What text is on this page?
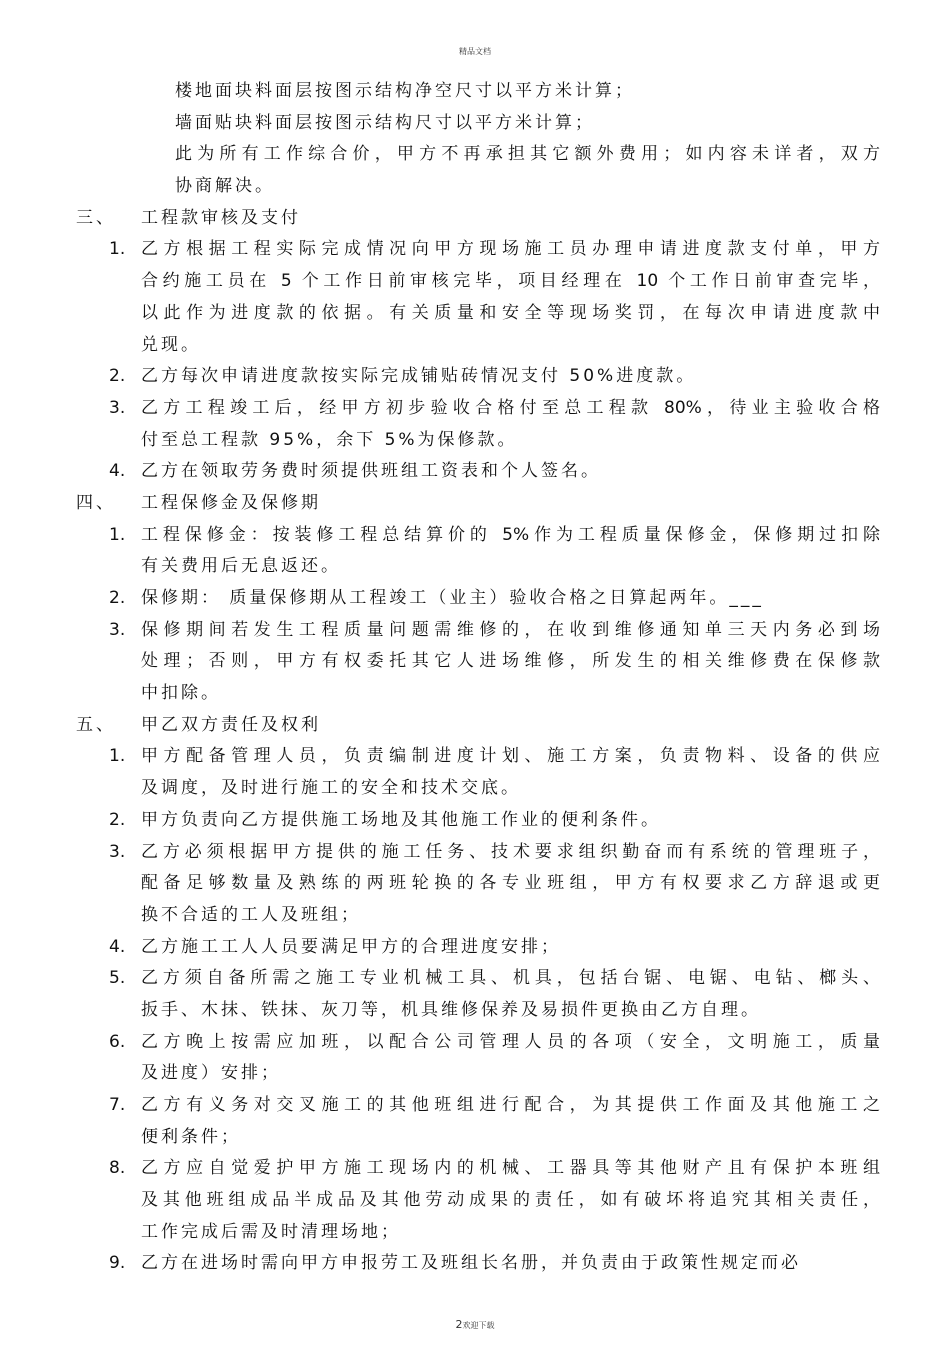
精品文档
楼地面块料面层按图示结构净空尺寸以平方米计算；
墙面贴块料面层按图示结构尺寸以平方米计算；
此为所有工作综合价，甲方不再承担其它额外费用；如内容未详者，双方
协商解决。
三、 工程款审核及支付
1. 乙方根据工程实际完成情况向甲方现场施工员办理申请进度款支付单，甲方
合约施工员在 5 个工作日前审核完毕，项目经理在 10 个工作日前审查完毕，
以此作为进度款的依据。有关质量和安全等现场奖罚，在每次申请进度款中
兑现。
2. 乙方每次申请进度款按实际完成铺贴砖情况支付 50%进度款。
3. 乙方工程竣工后，经甲方初步验收合格付至总工程款 80%，待业主验收合格
付至总工程款 95%，余下 5%为保修款。
4. 乙方在领取劳务费时须提供班组工资表和个人签名。
四、 工程保修金及保修期
1. 工程保修金：按装修工程总结算价的 5%作为工程质量保修金，保修期过扣除
有关费用后无息返还。
2. 保修期： 质量保修期从工程竣工（业主）验收合格之日算起两年。___
3. 保修期间若发生工程质量问题需维修的，在收到维修通知单三天内务必到场
处理；否则，甲方有权委托其它人进场维修，所发生的相关维修费在保修款
中扣除。
五、 甲乙双方责任及权利
1. 甲方配备管理人员，负责编制进度计划、施工方案，负责物料、设备的供应
及调度，及时进行施工的安全和技术交底。
2. 甲方负责向乙方提供施工场地及其他施工作业的便利条件。
3. 乙方必须根据甲方提供的施工任务、技术要求组织勤奋而有系统的管理班子，
配备足够数量及熟练的两班轮换的各专业班组，甲方有权要求乙方辞退或更
换不合适的工人及班组；
4. 乙方施工工人人员要满足甲方的合理进度安排；
5. 乙方须自备所需之施工专业机械工具、机具，包括台锯、电锯、电钻、榔头、
扳手、木抹、铁抹、灰刀等，机具维修保养及易损件更换由乙方自理。
6. 乙方晚上按需应加班，以配合公司管理人员的各项（安全，文明施工，质量
及进度）安排；
7. 乙方有义务对交叉施工的其他班组进行配合，为其提供工作面及其他施工之
便利条件；
8. 乙方应自觉爱护甲方施工现场内的机械、工器具等其他财产且有保护本班组
及其他班组成品半成品及其他劳动成果的责任，如有破坏将追究其相关责任，
工作完成后需及时清理场地；
9. 乙方在进场时需向甲方申报劳工及班组长名册，并负责由于政策性规定而必
2欢迎下载
